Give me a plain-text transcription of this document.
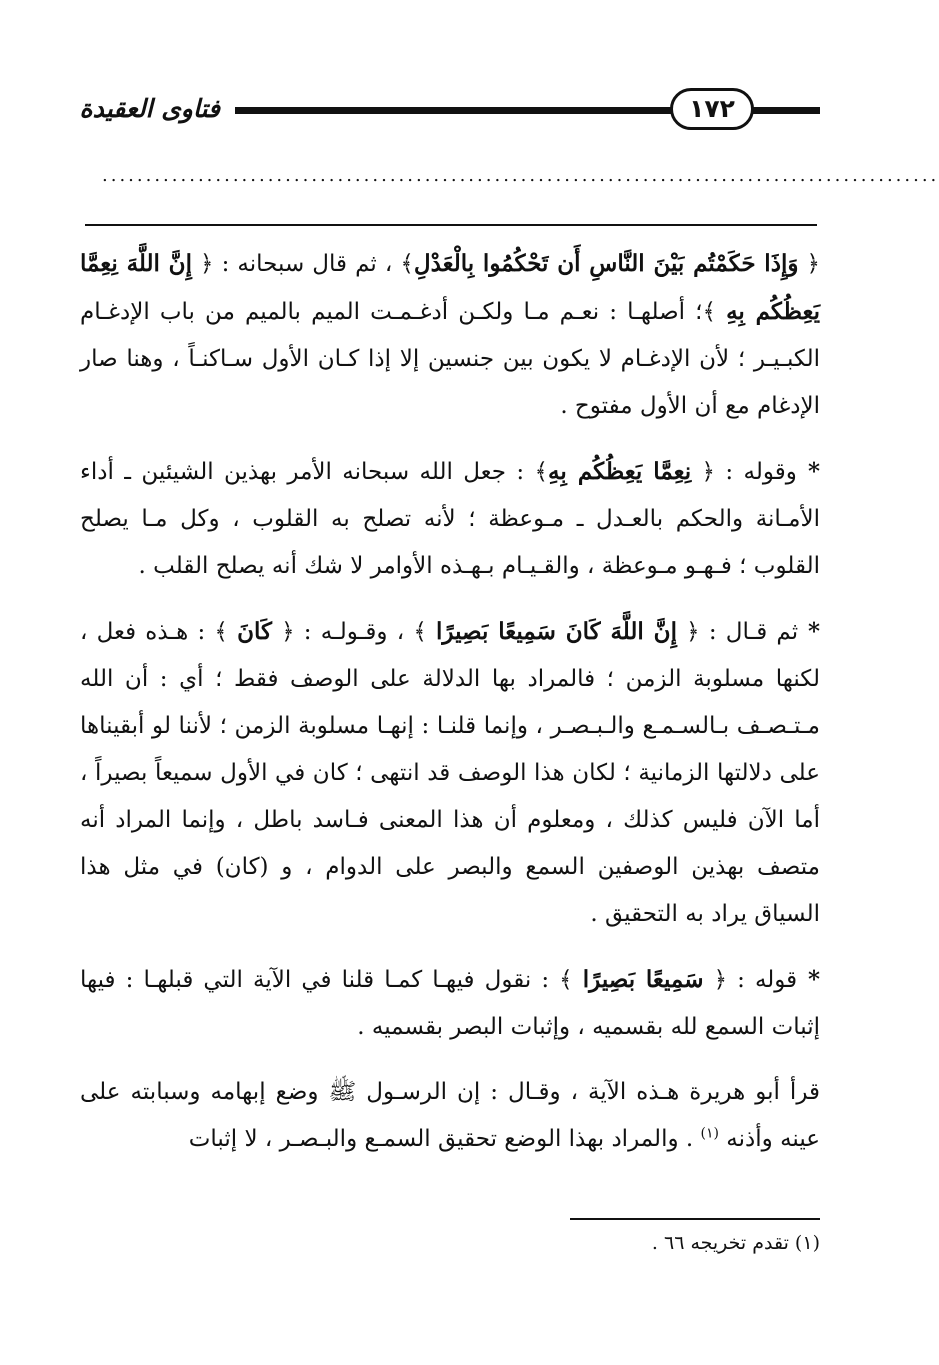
فتاوى العقيدة	١٧٢
................................................................................................

﴿ وَإِذَا حَكَمْتُم بَيْنَ النَّاسِ أَن تَحْكُمُوا بِالْعَدْلِ﴾ ، ثم قال سبحانه : ﴿ إِنَّ اللَّهَ نِعِمَّا يَعِظُكُم بِهِ ﴾؛ أصلهـا : نعـم مـا ولكـن أدغـمـت الميم بالميم من باب الإدغـام الكبـيـر ؛ لأن الإدغـام لا يكون بين جنسين إلا إذا كـان الأول سـاكنـاً ، وهنا صار الإدغام مع أن الأول مفتوح .

* وقوله : ﴿ نِعِمَّا يَعِظُكُم بِهِ﴾ : جعل الله سبحانه الأمر بهذين الشيئين ـ أداء الأمـانة والحكم بالعـدل ـ مـوعظة ؛ لأنه تصلح به القلوب ، وكل مـا يصلح القلوب ؛ فـهـو مـوعظة ، والقـيـام بـهـذه الأوامر لا شك أنه يصلح القلب .

* ثم قـال : ﴿ إِنَّ اللَّهَ كَانَ سَمِيعًا بَصِيرًا ﴾ ، وقـولـه : ﴿ كَانَ ﴾ : هـذه فعل ، لكنها مسلوبة الزمن ؛ فالمراد بها الدلالة على الوصف فقط ؛ أي : أن الله مـتـصـف بـالسـمـع والـبـصـر ، وإنما قلنـا : إنهـا مسلوبة الزمن ؛ لأننا لو أبقيناها على دلالتها الزمانية ؛ لكان هذا الوصف قد انتهى ؛ كان في الأول سميعاً بصيراً ، أما الآن فليس كذلك ، ومعلوم أن هذا المعنى فـاسد باطل ، وإنما المراد أنه متصف بهذين الوصفين السمع والبصر على الدوام ، و (كان) في مثل هذا السياق يراد به التحقيق .

* قوله : ﴿ سَمِيعًا بَصِيرًا ﴾ : نقول فيهـا كمـا قلنا في الآية التي قبلهـا : فيها إثبات السمع لله بقسميه ، وإثبات البصر بقسميه .

قرأ أبو هريرة هـذه الآية ، وقـال : إن الرسـول ﷺ وضع إبهامه وسبابته على عينه وأذنه $^{(١)}$ . والمراد بهذا الوضع تحقيق السمـع والبـصـر ، لا إثبات

(١) تقدم تخريجه ٦٦ .
